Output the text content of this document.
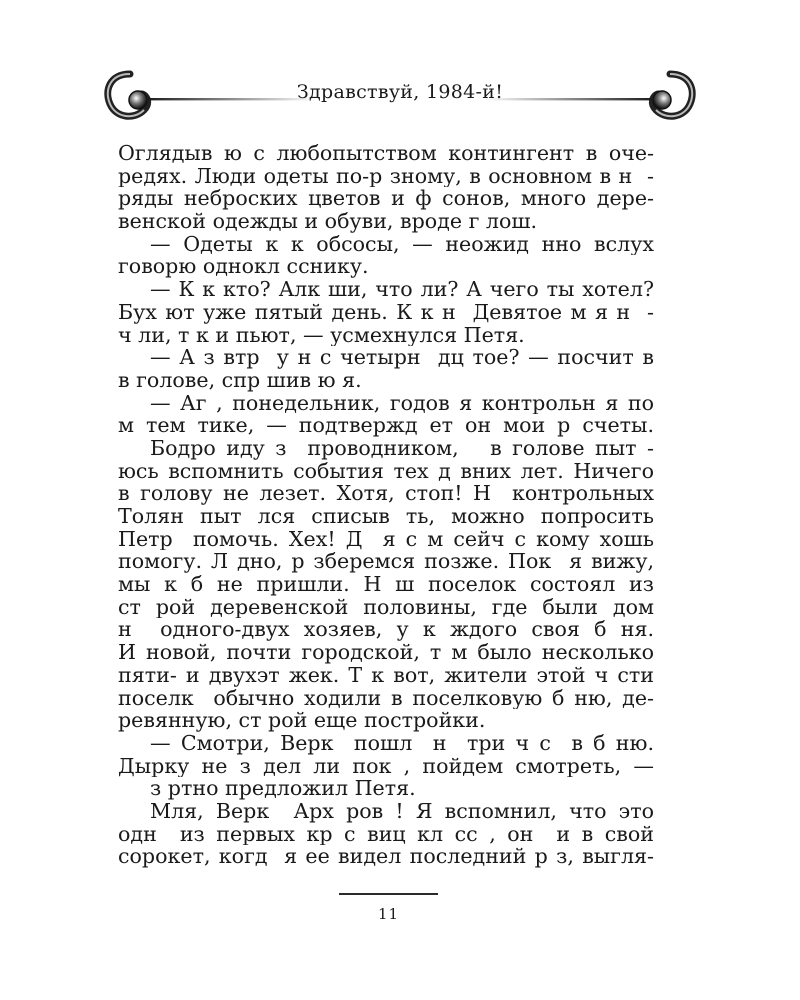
Здравствуй, 1984-й!
Оглядыв ю с любопытством контингент в оче-
редях. Люди одеты по-р зному, в основном в н  -
ряды неброских цветов и ф сонов, много дере-
венской одежды и обуви, вроде г лош.
— Одеты к к обсосы, — неожид нно вслух
говорю однокл сснику.
— К к кто? Алк ши, что ли? А чего ты хотел?
Бух ют уже пятый день. К к н  Девятое м я н  -
ч ли, т к и пьют, — усмехнулся Петя.
— А з втр  у н с четырн  дц тое? — посчит в
в голове, спр шив ю я.
— Аг , понедельник, годов я контрольн я по
м тем тике, — подтвержд ет он мои р счеты.
Бодро иду з  проводником,   в голове пыт -
юсь вспомнить события тех д вних лет. Ничего
в голову не лезет. Хотя, стоп! Н  контрольных
Толян пыт лся списыв ть, можно попросить
Петр  помочь. Хех! Д  я с м сейч с кому хошь
помогу. Л дно, р зберемся позже. Пок  я вижу,
мы к б не пришли. Н ш поселок состоял из
ст рой деревенской половины, где были дом
н  одного-двух хозяев, у к ждого своя б ня.
И новой, почти городской, т м было несколько
пяти- и двухэт жек. Т к вот, жители этой ч сти
поселк  обычно ходили в поселковую б ню, де-
ревянную, ст рой еще постройки.
— Смотри, Верк  пошл  н  три ч с  в б ню.
Дырку не з дел ли пок , пойдем смотреть, —
з ртно предложил Петя.
Мля, Верк  Арх ров ! Я вспомнил, что это
одн  из первых кр с виц кл сс , он  и в свой
сорокет, когд  я ее видел последний р з, выгля-
11
